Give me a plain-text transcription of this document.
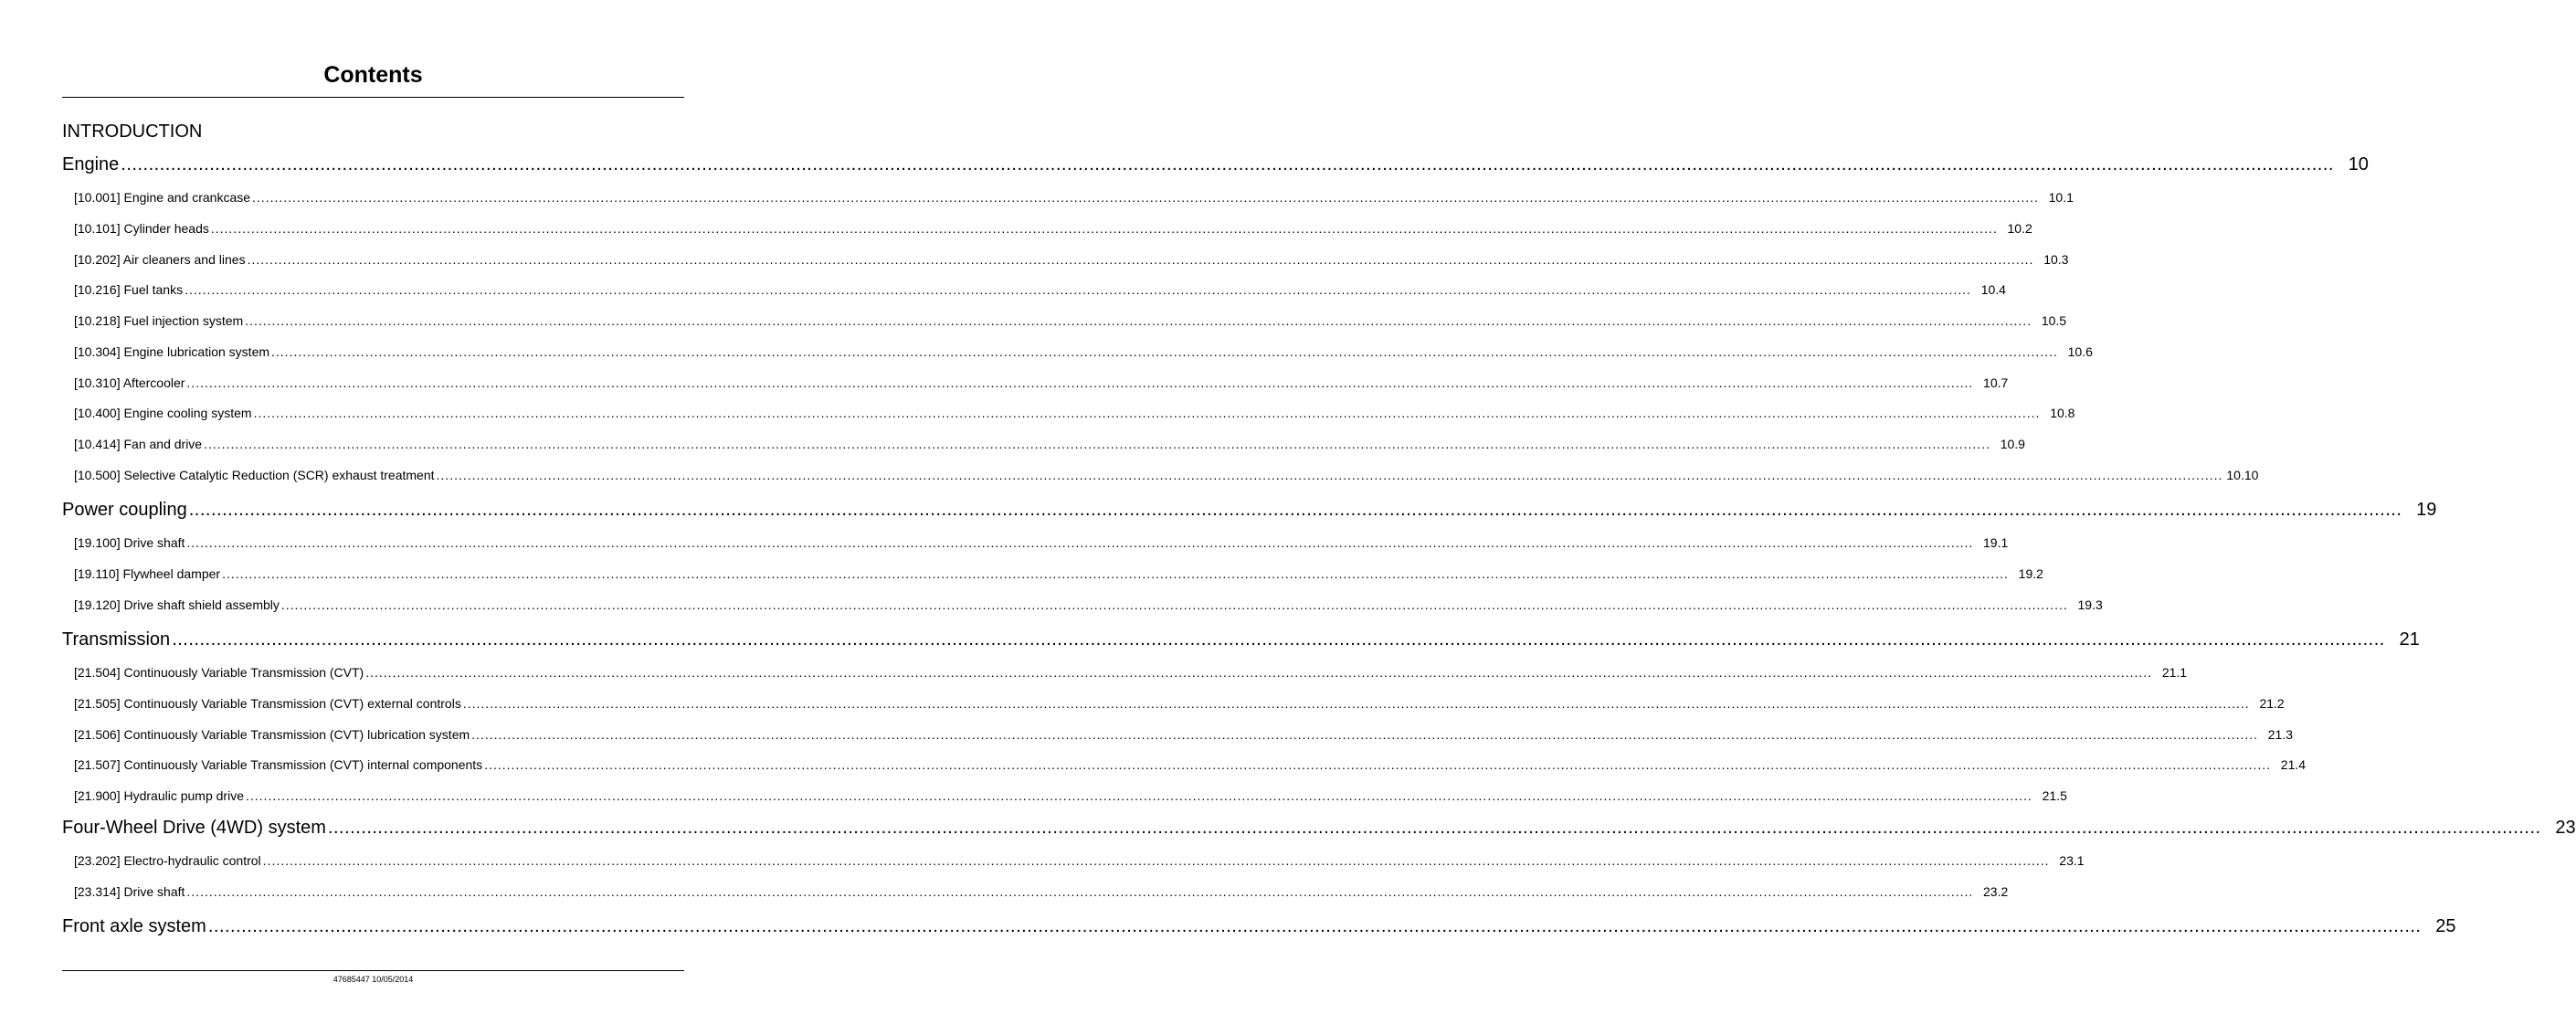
Contents
INTRODUCTION
Engine ................................................................................................................................................................................................................................................................................................................................................................................................................ 10
[10.001] Engine and crankcase ................................................................................................................................................................................................................................................................................................................................................................................................................ 10.1
[10.101] Cylinder heads ................................................................................................................................................................................................................................................................................................................................................................................................................ 10.2
[10.202] Air cleaners and lines ................................................................................................................................................................................................................................................................................................................................................................................................................ 10.3
[10.216] Fuel tanks ................................................................................................................................................................................................................................................................................................................................................................................................................ 10.4
[10.218] Fuel injection system ................................................................................................................................................................................................................................................................................................................................................................................................................ 10.5
[10.304] Engine lubrication system ................................................................................................................................................................................................................................................................................................................................................................................................................ 10.6
[10.310] Aftercooler ................................................................................................................................................................................................................................................................................................................................................................................................................ 10.7
[10.400] Engine cooling system ................................................................................................................................................................................................................................................................................................................................................................................................................ 10.8
[10.414] Fan and drive ................................................................................................................................................................................................................................................................................................................................................................................................................ 10.9
[10.500] Selective Catalytic Reduction (SCR) exhaust treatment ................................................................................................................................................................................................................................................................................................................................................................................................................ 10.10
Power coupling ................................................................................................................................................................................................................................................................................................................................................................................................................ 19
[19.100] Drive shaft ................................................................................................................................................................................................................................................................................................................................................................................................................ 19.1
[19.110] Flywheel damper ................................................................................................................................................................................................................................................................................................................................................................................................................ 19.2
[19.120] Drive shaft shield assembly ................................................................................................................................................................................................................................................................................................................................................................................................................ 19.3
Transmission ................................................................................................................................................................................................................................................................................................................................................................................................................ 21
[21.504] Continuously Variable Transmission (CVT) ................................................................................................................................................................................................................................................................................................................................................................................................................ 21.1
[21.505] Continuously Variable Transmission (CVT) external controls ................................................................................................................................................................................................................................................................................................................................................................................................................ 21.2
[21.506] Continuously Variable Transmission (CVT) lubrication system ................................................................................................................................................................................................................................................................................................................................................................................................................ 21.3
[21.507] Continuously Variable Transmission (CVT) internal components ................................................................................................................................................................................................................................................................................................................................................................................................................ 21.4
[21.900] Hydraulic pump drive ................................................................................................................................................................................................................................................................................................................................................................................................................ 21.5
Four-Wheel Drive (4WD) system ................................................................................................................................................................................................................................................................................................................................................................................................................ 23
[23.202] Electro-hydraulic control ................................................................................................................................................................................................................................................................................................................................................................................................................ 23.1
[23.314] Drive shaft ................................................................................................................................................................................................................................................................................................................................................................................................................ 23.2
Front axle system ................................................................................................................................................................................................................................................................................................................................................................................................................ 25
47685447 10/05/2014
